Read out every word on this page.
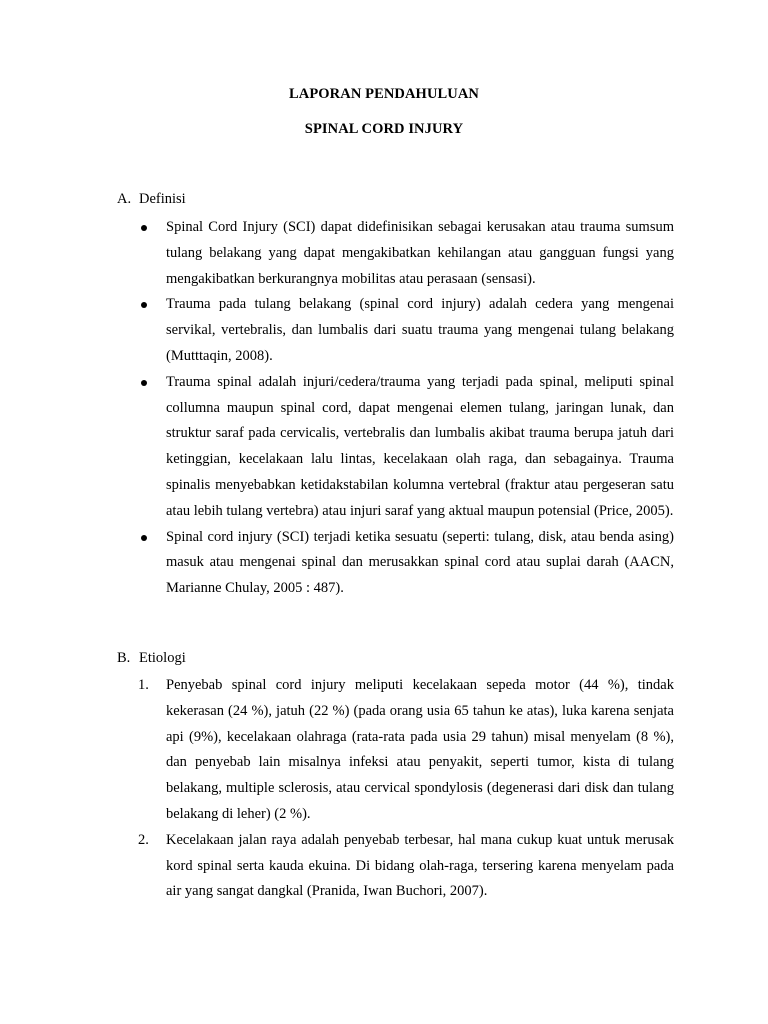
LAPORAN PENDAHULUAN
SPINAL CORD INJURY
A. Definisi
Spinal Cord Injury (SCI) dapat didefinisikan sebagai kerusakan atau trauma sumsum tulang belakang yang dapat mengakibatkan kehilangan atau gangguan fungsi yang mengakibatkan berkurangnya mobilitas atau perasaan (sensasi).
Trauma pada tulang belakang (spinal cord injury) adalah cedera yang mengenai servikal, vertebralis, dan lumbalis dari suatu trauma yang mengenai tulang belakang (Mutttaqin, 2008).
Trauma spinal adalah injuri/cedera/trauma yang terjadi pada spinal, meliputi spinal collumna maupun spinal cord, dapat mengenai elemen tulang, jaringan lunak, dan struktur saraf pada cervicalis, vertebralis dan lumbalis akibat trauma berupa jatuh dari ketinggian, kecelakaan lalu lintas, kecelakaan olah raga, dan sebagainya. Trauma spinalis menyebabkan ketidakstabilan kolumna vertebral (fraktur atau pergeseran satu atau lebih tulang vertebra) atau injuri saraf yang aktual maupun potensial (Price, 2005).
Spinal cord injury (SCI) terjadi ketika sesuatu (seperti: tulang, disk, atau benda asing) masuk atau mengenai spinal dan merusakkan spinal cord atau suplai darah (AACN, Marianne Chulay, 2005 : 487).
B. Etiologi
1. Penyebab spinal cord injury meliputi kecelakaan sepeda motor (44 %), tindak kekerasan (24 %), jatuh (22 %) (pada orang usia 65 tahun ke atas), luka karena senjata api (9%), kecelakaan olahraga (rata-rata pada usia 29 tahun) misal menyelam (8 %), dan penyebab lain misalnya infeksi atau penyakit, seperti tumor, kista di tulang belakang, multiple sclerosis, atau cervical spondylosis (degenerasi dari disk dan tulang belakang di leher) (2 %).
2. Kecelakaan jalan raya adalah penyebab terbesar, hal mana cukup kuat untuk merusak kord spinal serta kauda ekuina. Di bidang olah-raga, tersering karena menyelam pada air yang sangat dangkal (Pranida, Iwan Buchori, 2007).
